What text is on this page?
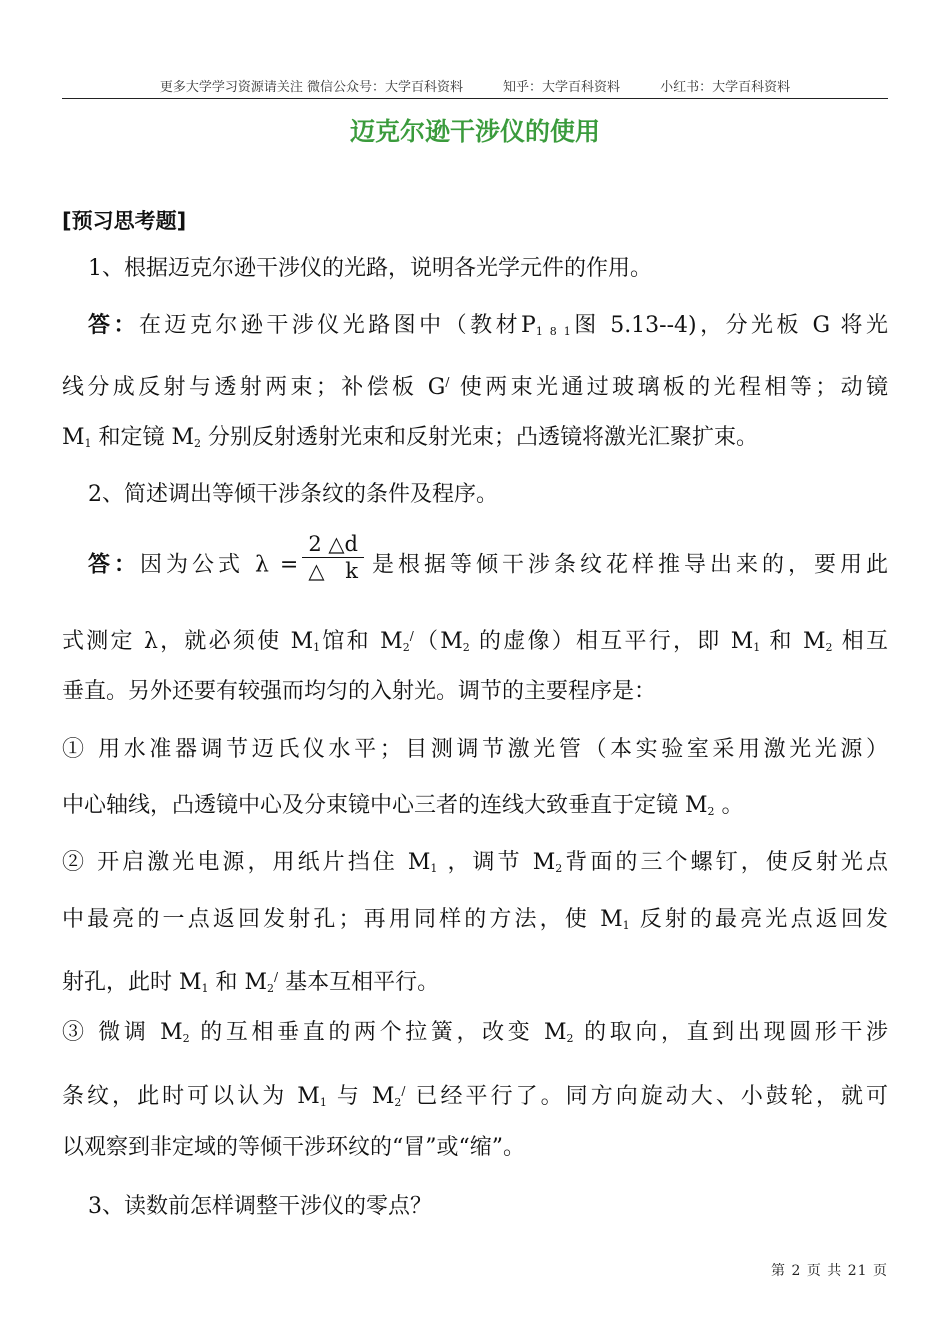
更多大学学习资源请关注 微信公众号：大学百科资料	知乎：大学百科资料	小红书：大学百科资料
迈克尔逊干涉仪的使用
[预习思考题]
1、根据迈克尔逊干涉仪的光路，说明各光学元件的作用。
答：在迈克尔逊干涉仪光路图中（教材$P_{1 8 1}$图 5.13--4)，分光板 G 将光
线分成反射与透射两束；补偿板 G/ 使两束光通过玻璃板的光程相等；动镜
$M_1$ 和定镜 $M_2$ 分别反射透射光束和反射光束；凸透镜将激光汇聚扩束。
2、简述调出等倾干涉条纹的条件及程序。
答：因为公式 $\lambda = \frac{2 \triangle d}{\triangle k}$ 是根据等倾干涉条纹花样推导出来的，要用此
式测定 λ，就必须使 $M_1$馆和 $M_2^/(M_2$ 的虚像）相互平行，即 $M_1$ 和 $M_2$ 相互
垂直。另外还要有较强而均匀的入射光。调节的主要程序是：
① 用水准器调节迈氏仪水平；目测调节激光管（本实验室采用激光光源）
中心轴线，凸透镜中心及分束镜中心三者的连线大致垂直于定镜 $M_2$ 。
② 开启激光电源，用纸片挡住 $M_1$ ，调节 $M_2$背面的三个螺钉，使反射光点
中最亮的一点返回发射孔；再用同样的方法，使 $M_1$ 反射的最亮光点返回发
射孔，此时 $M_1$ 和 $M_2^/$ 基本互相平行。
③ 微调 $M_2$ 的互相垂直的两个拉簧，改变 $M_2$ 的取向，直到出现圆形干涉
条纹，此时可以认为 $M_1$ 与 $M_2^/$ 已经平行了。同方向旋动大、小鼓轮，就可
以观察到非定域的等倾干涉环纹的“冒”或“缩”。
3、读数前怎样调整干涉仪的零点？
第 2 页 共 21 页
